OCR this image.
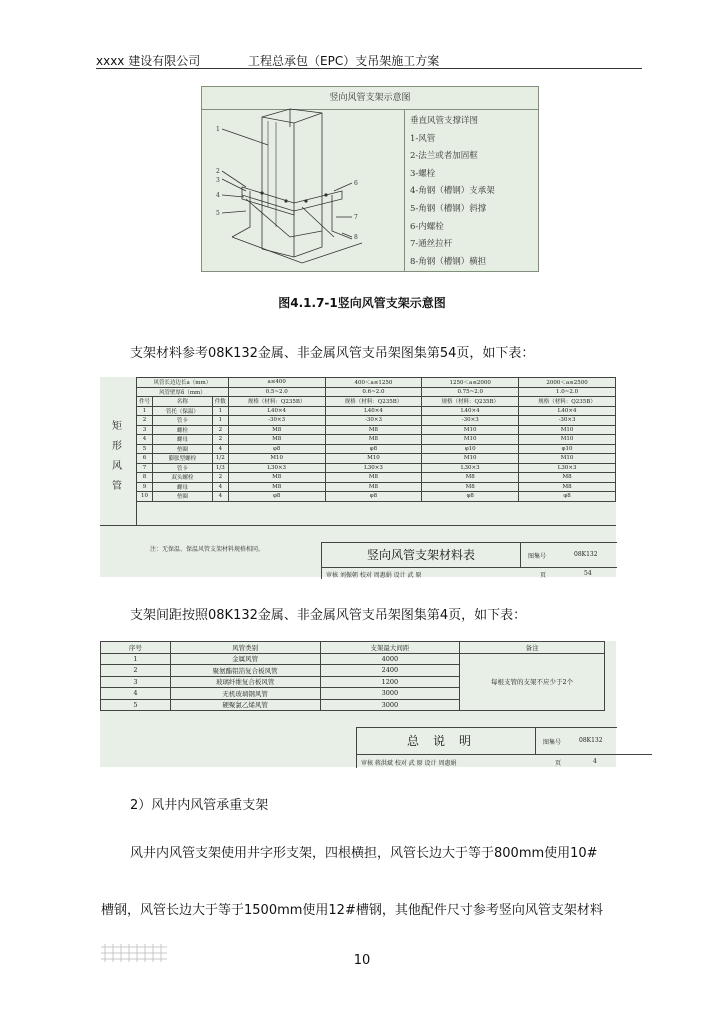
xxxx 建设有限公司	工程总承包（EPC）支吊架施工方案
竖向风管支架示意图
1
2
3
4
5
6
7
8
垂直风管支撑详图
1-风管
2-法兰或者加固框
3-螺栓
4-角钢（槽钢）支承架
5-角钢（槽钢）斜撑
6-内螺栓
7-通丝拉杆
8-角钢（槽钢）横担
图4.1.7-1竖向风管支架示意图
支架材料参考08K132金属、非金属风管支吊架图集第54页，如下表：
矩
形
风
管
风管长边边长a（mm）			a≤400	400＜a≤1250	1250＜a≤2000	2000＜a≤2500
风管壁厚δ（mm）			0.5~2.0	0.6~2.0	0.75~2.0	1.0~2.0
件号	名称	件数	规格（材料：Q235B）	规格（材料：Q235B）	规格（材料：Q235B）	规格（材料：Q235B）
1	管托（保温）	1	L40×4	L40×4	L40×4	L40×4
2	管卡	1	-30×3	-30×3	-30×3	-30×3
3	螺栓	2	M8	M8	M10	M10
4	螺母	2	M8	M8	M10	M10
5	垫圈	4	φ8	φ8	φ10	φ10
6	膨胀型螺栓	1/2	M10	M10	M10	M10
7	管卡	1/3	L30×3	L30×3	L30×3	L30×3
8	双头螺栓	2	M8	M8	M8	M8
9	螺母	4	M8	M8	M8	M8
10	垫圈	4	φ8	φ8	φ8	φ8
注：无保温、保温风管支架材料规格相同。	竖向风管支架材料表	图集号	08K132
审核 刘振朝 校对 周惠娟 设计 武 原	页	54
支架间距按照08K132金属、非金属风管支吊架图集第4页，如下表：
序号	风管类别	支架最大间距	备注
1	金属风管	4000	每根支管的支架不应少于2个
2	聚氨酯铝箔复合板风管	2400	
3	玻璃纤维复合板风管	1200	
4	无机玻璃钢风管	3000	
5	硬聚氯乙烯风管	3000	
总说明	图集号	08K132
审核 蒋洪斌 校对 武 原 设计 周惠娟	页	4
2）风井内风管承重支架
风井内风管支架使用井字形支架，四根横担，风管长边大于等于800mm使用10#
槽钢，风管长边大于等于1500mm使用12#槽钢，其他配件尺寸参考竖向风管支架材料
10
